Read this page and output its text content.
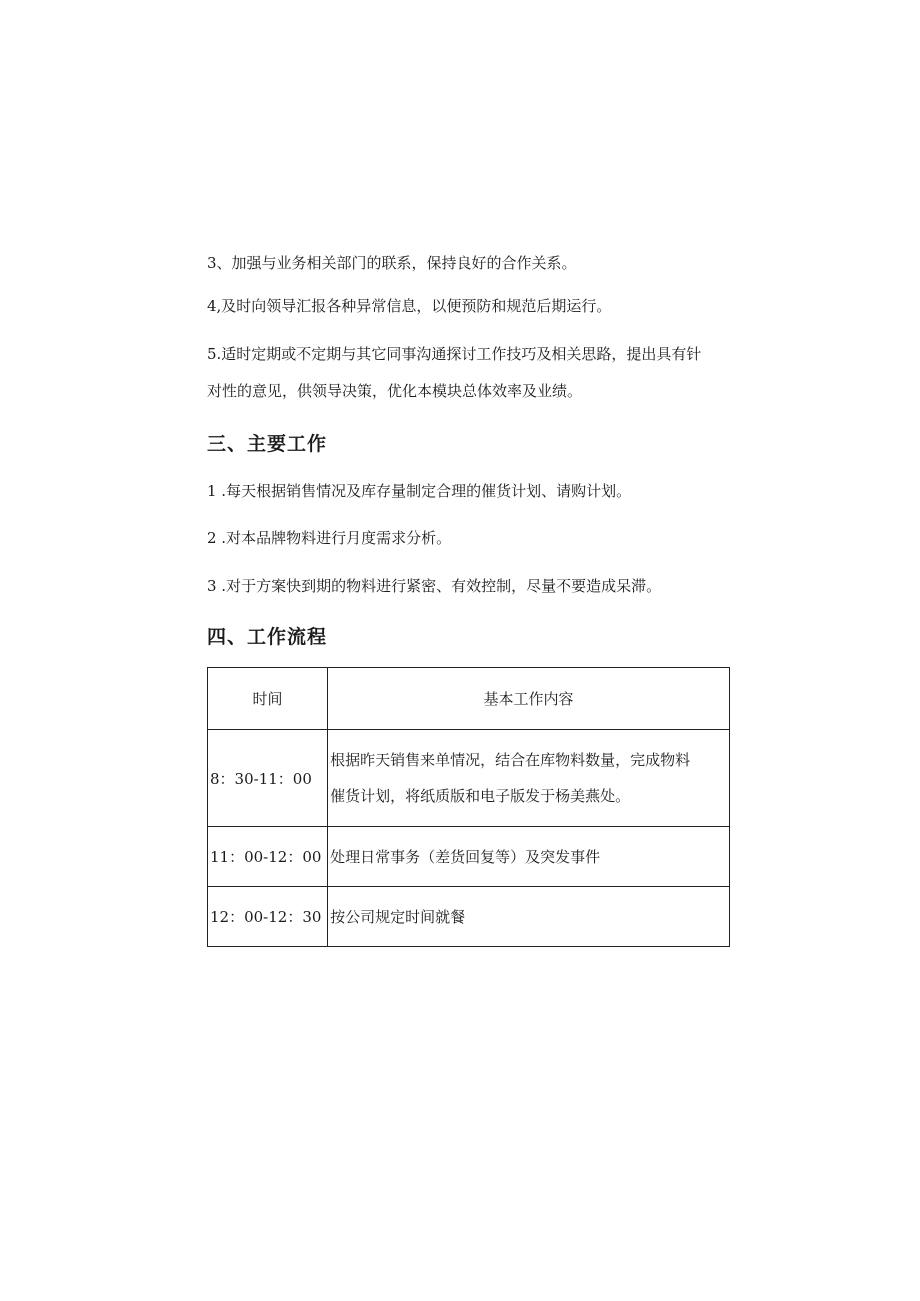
3、加强与业务相关部门的联系，保持良好的合作关系。
4,及时向领导汇报各种异常信息，以便预防和规范后期运行。
5.适时定期或不定期与其它同事沟通探讨工作技巧及相关思路，提出具有针
对性的意见，供领导决策，优化本模块总体效率及业绩。
三、主要工作
1 .每天根据销售情况及库存量制定合理的催货计划、请购计划。
2 .对本品牌物料进行月度需求分析。
3 .对于方案快到期的物料进行紧密、有效控制，尽量不要造成呆滞。
四、工作流程
时间	基本工作内容
8：30-11：00	根据昨天销售来单情况，结合在库物料数量，完成物料
催货计划，将纸质版和电子版发于杨美燕处。

11：00-12：00	处理日常事务（差货回复等）及突发事件

12：00-12：30	按公司规定时间就餐
